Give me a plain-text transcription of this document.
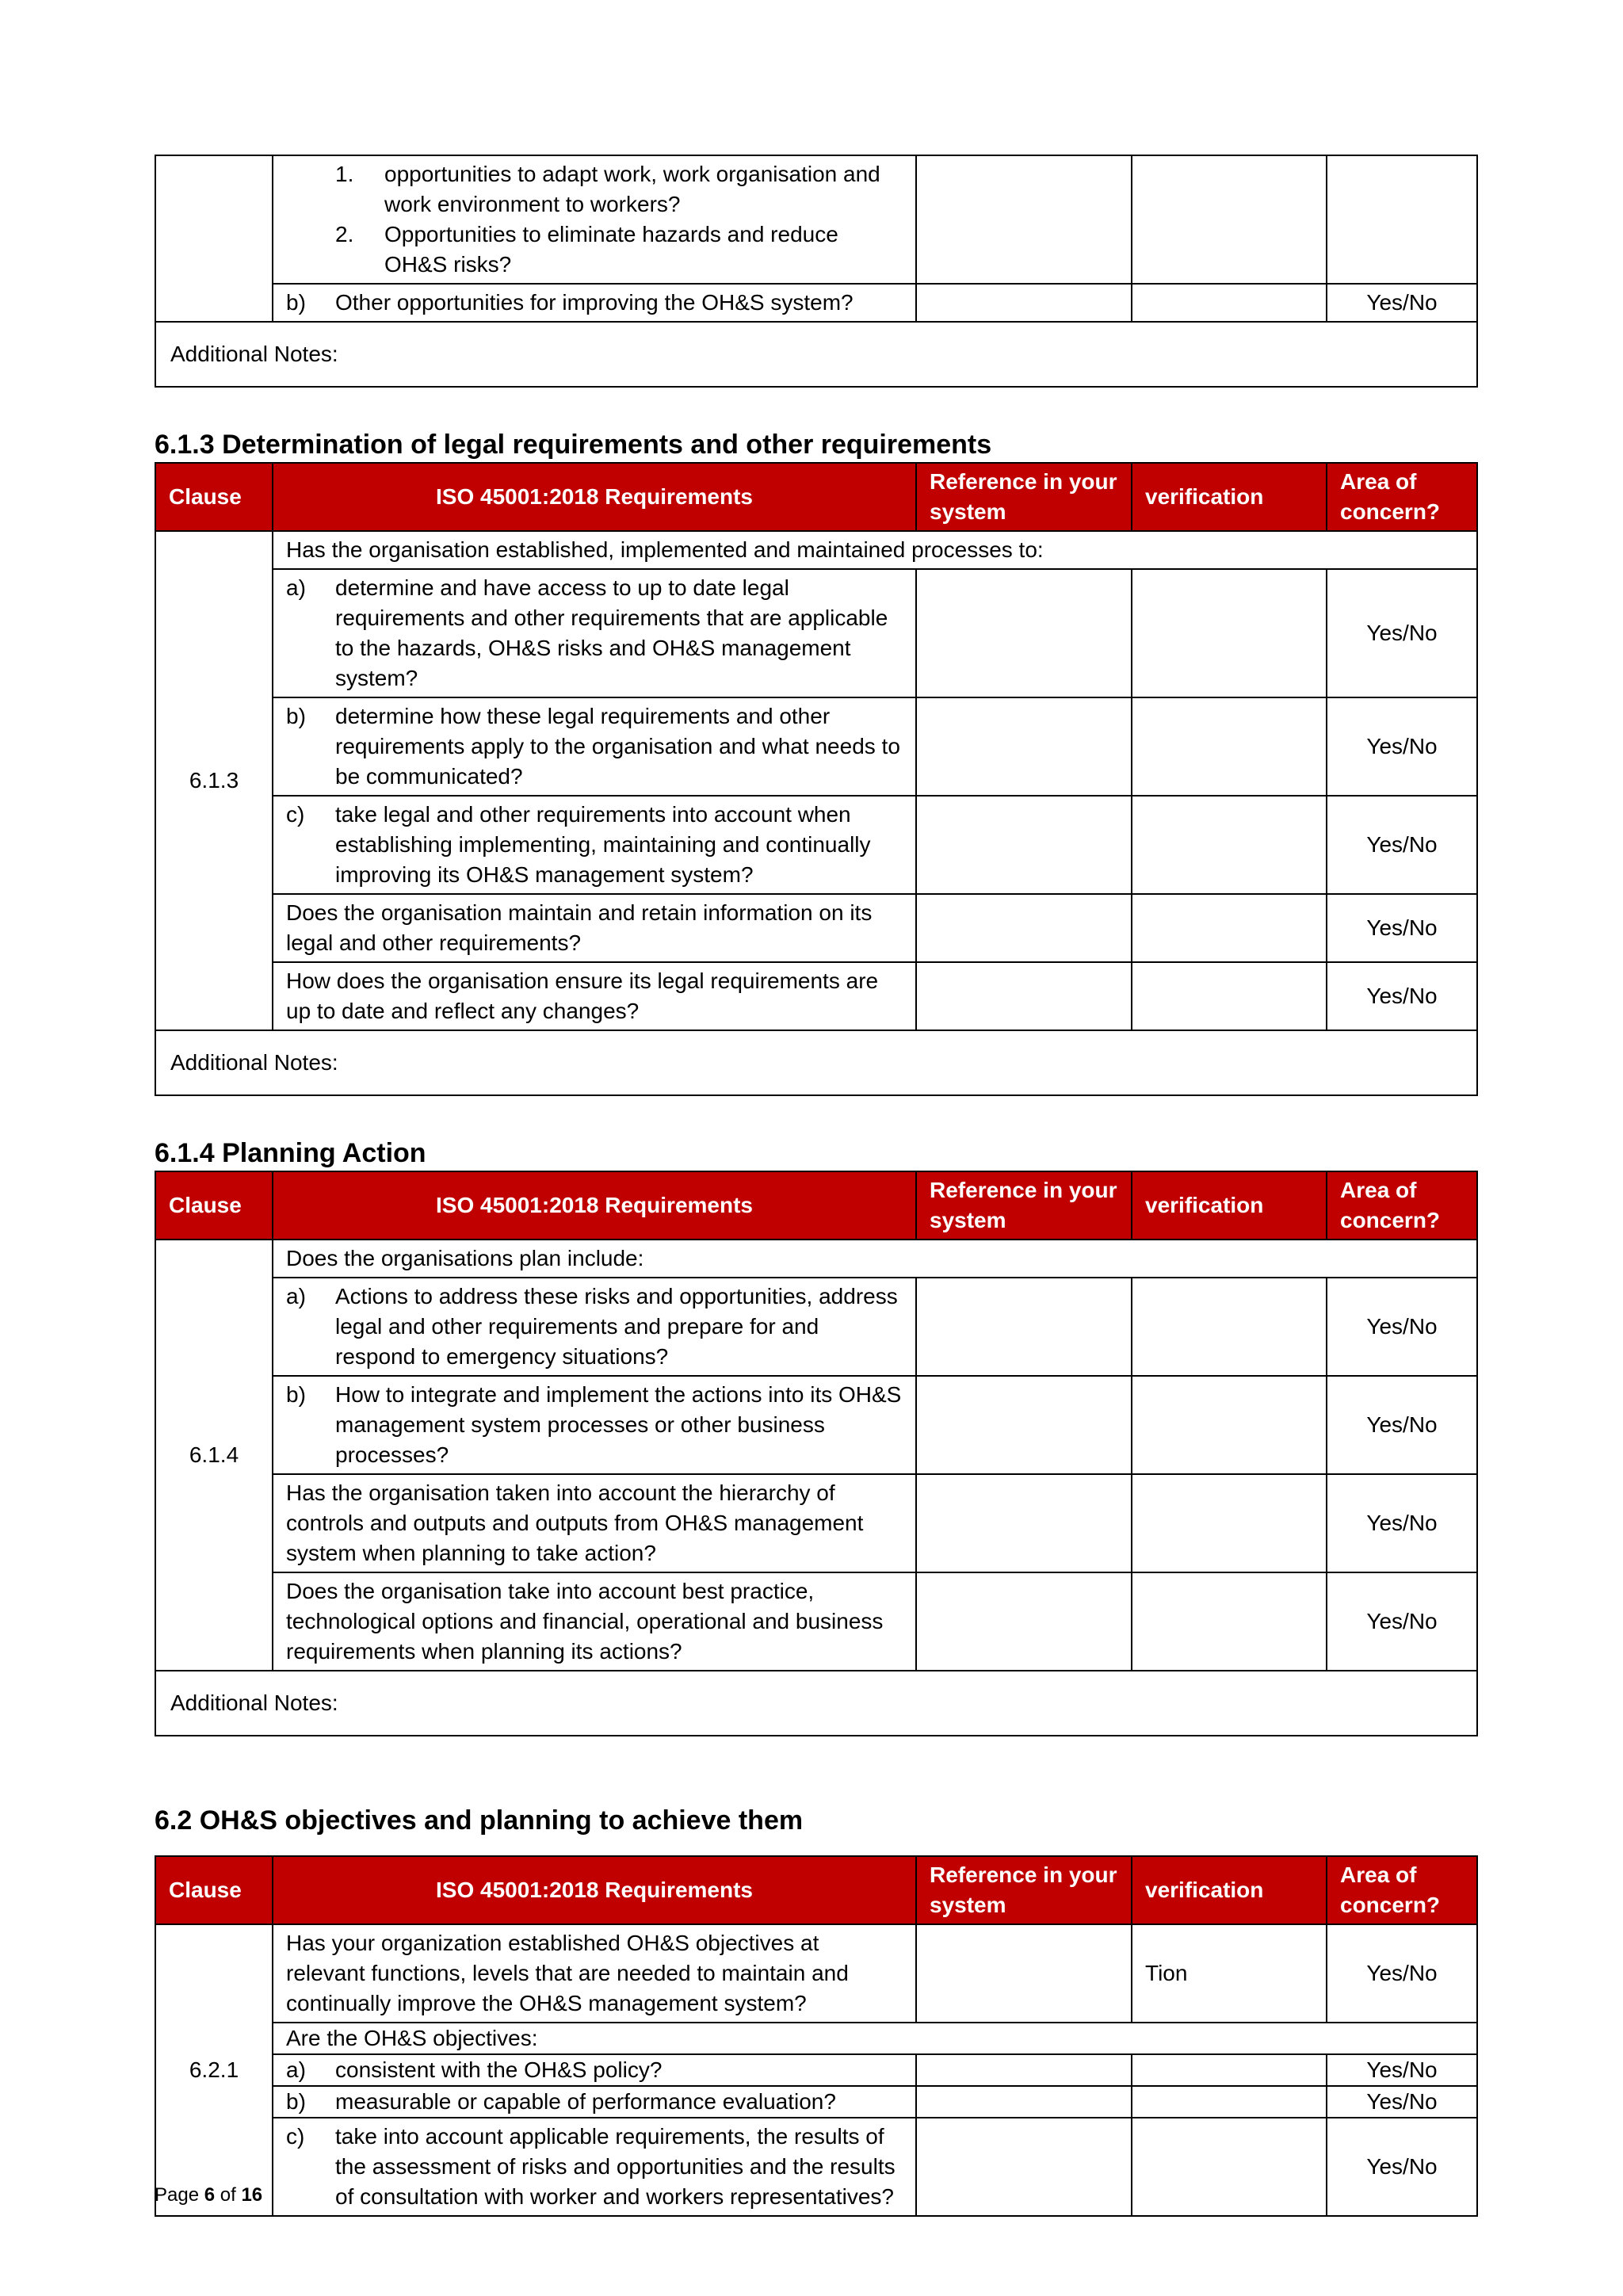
	1. opportunities to adapt work, work organisation and work environment to workers?
2. Opportunities to eliminate hazards and reduce OH&S risks?			

	b) Other opportunities for improving the OH&S system?			Yes/No
Additional Notes:				
6.1.3 Determination of legal requirements and other requirements
Clause	ISO 45001:2018 Requirements	Reference in your system	verification	Area of concern?
6.1.3	Has the organisation established, implemented and maintained processes to:			

	a) determine and have access to up to date legal requirements and other requirements that are applicable to the hazards, OH&S risks and OH&S management system?			Yes/No

	b) determine how these legal requirements and other requirements apply to the organisation and what needs to be communicated?			Yes/No

	c) take legal and other requirements into account when establishing implementing, maintaining and continually improving its OH&S management system?			Yes/No
	Does the organisation maintain and retain information on its legal and other requirements?			Yes/No
	How does the organisation ensure its legal requirements are up to date and reflect any changes?			Yes/No
Additional Notes:				
6.1.4 Planning Action
Clause	ISO 45001:2018 Requirements	Reference in your system	verification	Area of concern?
6.1.4	Does the organisations plan include:			

	a) Actions to address these risks and opportunities, address legal and other requirements and prepare for and respond to emergency situations?			Yes/No

	b) How to integrate and implement the actions into its OH&S management system processes or other business processes?			Yes/No
	Has the organisation taken into account the hierarchy of controls and outputs and outputs from OH&S management system when planning to take action?			Yes/No
	Does the organisation take into account best practice, technological options and financial, operational and business requirements when planning its actions?			Yes/No
Additional Notes:				
6.2 OH&S objectives and planning to achieve them
Clause	ISO 45001:2018 Requirements	Reference in your system	verification	Area of concern?
6.2.1	Has your organization established OH&S objectives at relevant functions, levels that are needed to maintain and continually improve the OH&S management system?		Tion	Yes/No
	Are the OH&S objectives:			

	a) consistent with the OH&S policy?			Yes/No

	b) measurable or capable of performance evaluation?			Yes/No

	c) take into account applicable requirements, the results of the assessment of risks and opportunities and the results of consultation with worker and workers representatives?			Yes/No
Page 6 of 16
